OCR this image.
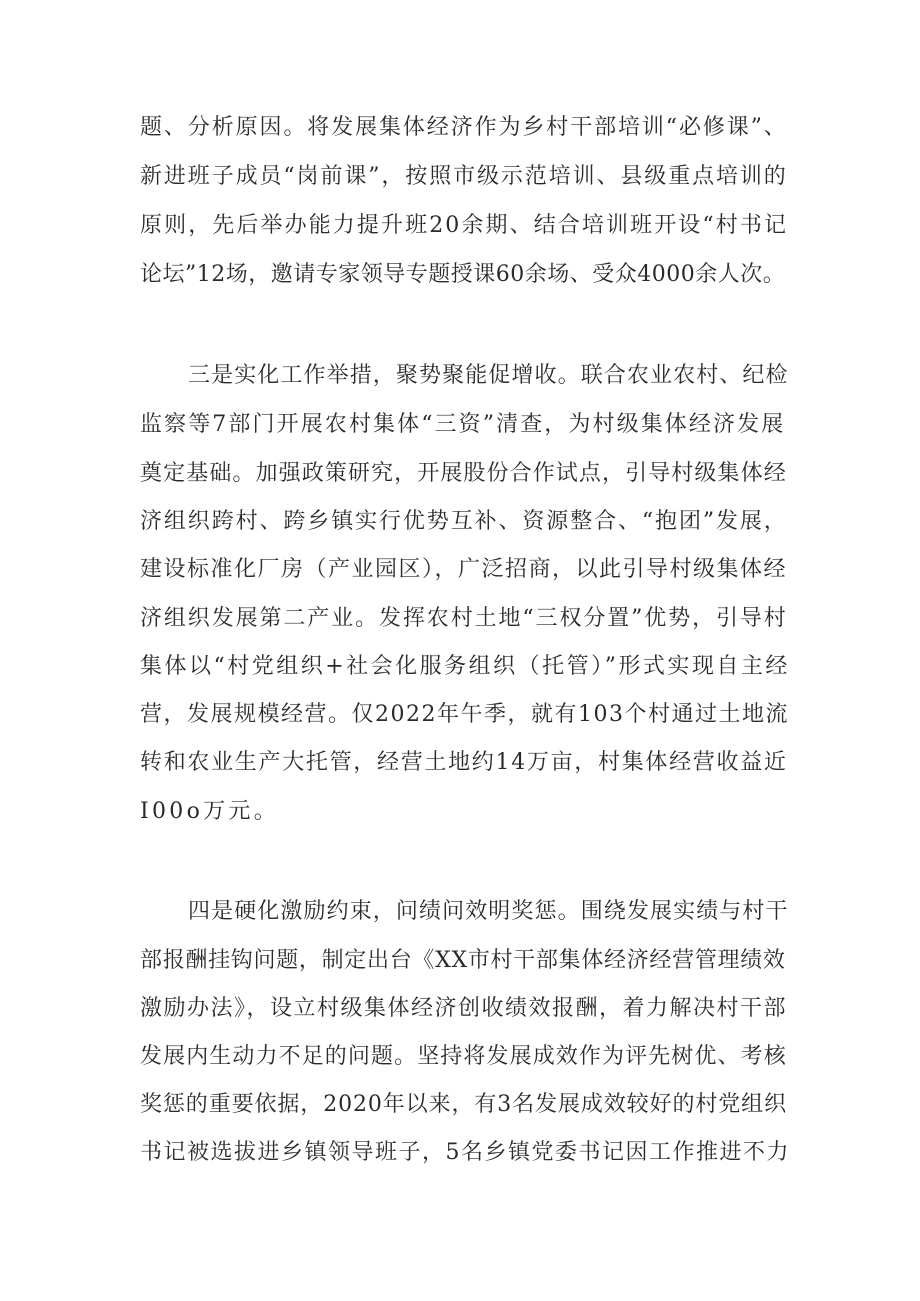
题、分析原因。将发展集体经济作为乡村干部培训“必修课”、
新进班子成员“岗前课”，按照市级示范培训、县级重点培训的
原则，先后举办能力提升班20余期、结合培训班开设“村书记
论坛”12场，邀请专家领导专题授课60余场、受众4000余人次。
三是实化工作举措，聚势聚能促增收。联合农业农村、纪检
监察等7部门开展农村集体“三资”清查，为村级集体经济发展
奠定基础。加强政策研究，开展股份合作试点，引导村级集体经
济组织跨村、跨乡镇实行优势互补、资源整合、“抱团”发展，
建设标准化厂房（产业园区），广泛招商，以此引导村级集体经
济组织发展第二产业。发挥农村土地“三权分置”优势，引导村
集体以“村党组织+社会化服务组织（托管）”形式实现自主经
营，发展规模经营。仅2022年午季，就有103个村通过土地流
转和农业生产大托管，经营土地约14万亩，村集体经营收益近
I00o万元。
四是硬化激励约束，问绩问效明奖惩。围绕发展实绩与村干
部报酬挂钩问题，制定出台《XX市村干部集体经济经营管理绩效
激励办法》，设立村级集体经济创收绩效报酬，着力解决村干部
发展内生动力不足的问题。坚持将发展成效作为评先树优、考核
奖惩的重要依据，2020年以来，有3名发展成效较好的村党组织
书记被选拔进乡镇领导班子，5名乡镇党委书记因工作推进不力
